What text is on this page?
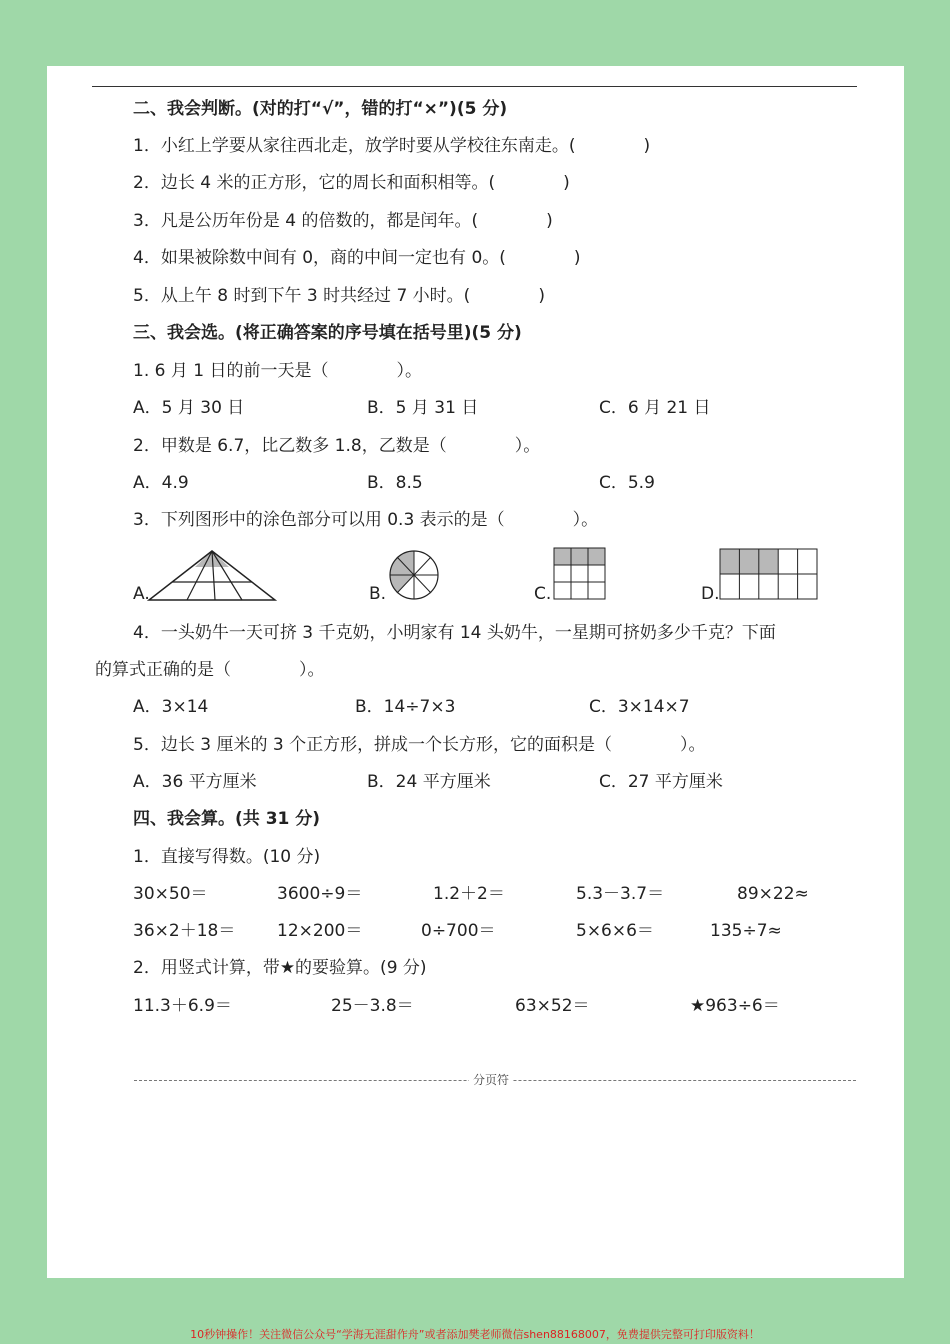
二、我会判断。(对的打“√”，错的打“×”)(5 分)
1．小红上学要从家往西北走，放学时要从学校往东南走。(　　　　)
2．边长 4 米的正方形，它的周长和面积相等。(　　　　)
3．凡是公历年份是 4 的倍数的，都是闰年。(　　　　)
4．如果被除数中间有 0，商的中间一定也有 0。(　　　　)
5．从上午 8 时到下午 3 时共经过 7 小时。(　　　　)
三、我会选。(将正确答案的序号填在括号里)(5 分)
1. 6 月 1 日的前一天是（　　　　）。
A．5 月 30 日	B．5 月 31 日	C．6 月 21 日
2．甲数是 6.7，比乙数多 1.8，乙数是（　　　　）。
A．4.9	B．8.5	C．5.9
3．下列图形中的涂色部分可以用 0.3 表示的是（　　　　）。
A.	B.	C.	D.
4．一头奶牛一天可挤 3 千克奶，小明家有 14 头奶牛，一星期可挤奶多少千克？下面
的算式正确的是（　　　　）。
A．3×14	B．14÷7×3	C．3×14×7
5．边长 3 厘米的 3 个正方形，拼成一个长方形，它的面积是（　　　　）。
A．36 平方厘米	B．24 平方厘米	C．27 平方厘米
四、我会算。(共 31 分)
1．直接写得数。(10 分)
30×50＝	3600÷9＝	1.2＋2＝	5.3－3.7＝	89×22≈
36×2＋18＝ 12×200＝	0÷700＝	5×6×6＝	135÷7≈
2．用竖式计算，带★的要验算。(9 分)
11.3＋6.9＝	25－3.8＝	63×52＝	★963÷6＝
分页符
10秒钟操作！关注微信公众号“学海无涯甜作舟”或者添加樊老师微信shen88168007，免费提供完整可打印版资料！
